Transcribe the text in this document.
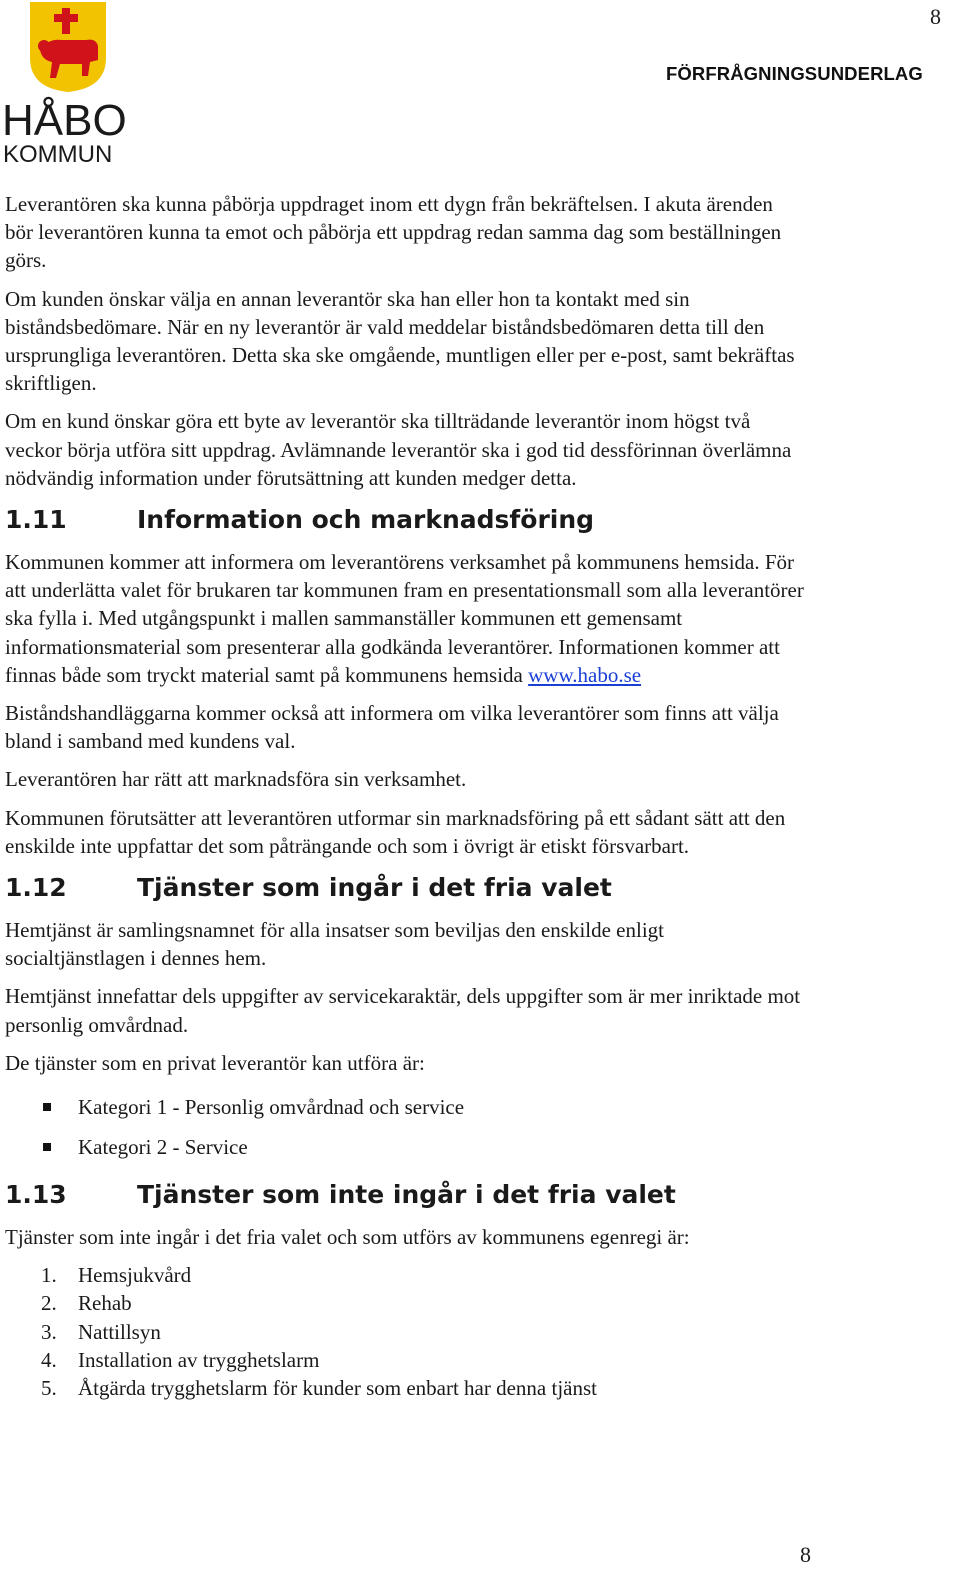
8
HÅBO
KOMMUN
FÖRFRÅGNINGSUNDERLAG

Leverantören ska kunna påbörja uppdraget inom ett dygn från bekräftelsen. I akuta ärenden bör leverantören kunna ta emot och påbörja ett uppdrag redan samma dag som beställningen görs.

Om kunden önskar välja en annan leverantör ska han eller hon ta kontakt med sin biståndsbedömare. När en ny leverantör är vald meddelar biståndsbedömaren detta till den ursprungliga leverantören. Detta ska ske omgående, muntligen eller per e-post, samt bekräftas skriftligen.

Om en kund önskar göra ett byte av leverantör ska tillträdande leverantör inom högst två veckor börja utföra sitt uppdrag. Avlämnande leverantör ska i god tid dessförinnan överlämna nödvändig information under förutsättning att kunden medger detta.

1.11	Information och marknadsföring

Kommunen kommer att informera om leverantörens verksamhet på kommunens hemsida. För att underlätta valet för brukaren tar kommunen fram en presentationsmall som alla leverantörer ska fylla i. Med utgångspunkt i mallen sammanställer kommunen ett gemensamt informationsmaterial som presenterar alla godkända leverantörer. Informationen kommer att finnas både som tryckt material samt på kommunens hemsida www.habo.se

Biståndshandläggarna kommer också att informera om vilka leverantörer som finns att välja bland i samband med kundens val.

Leverantören har rätt att marknadsföra sin verksamhet.

Kommunen förutsätter att leverantören utformar sin marknadsföring på ett sådant sätt att den enskilde inte uppfattar det som påträngande och som i övrigt är etiskt försvarbart.

1.12	Tjänster som ingår i det fria valet

Hemtjänst är samlingsnamnet för alla insatser som beviljas den enskilde enligt socialtjänstlagen i dennes hem.

Hemtjänst innefattar dels uppgifter av servicekaraktär, dels uppgifter som är mer inriktade mot personlig omvårdnad.

De tjänster som en privat leverantör kan utföra är:

Kategori 1 - Personlig omvårdnad och service
Kategori 2 - Service
1.13	Tjänster som inte ingår i det fria valet

Tjänster som inte ingår i det fria valet och som utförs av kommunens egenregi är:

1.	Hemsjukvård
2.	Rehab
3.	Nattillsyn
4.	Installation av trygghetslarm
5.	Åtgärda trygghetslarm för kunder som enbart har denna tjänst
8
